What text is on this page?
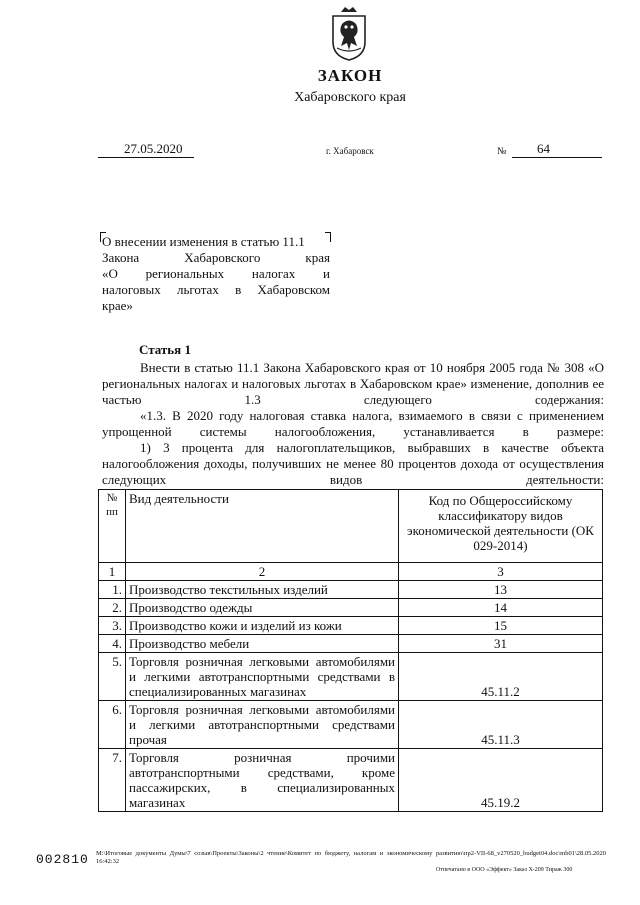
ЗАКОН
Хабаровского края
27.05.2020	г. Хабаровск	№ 64
О внесении изменения в статью 11.1
Закона Хабаровского края
«О региональных налогах и
налоговых льготах в Хабаровском
крае»
Статья 1
Внести в статью 11.1 Закона Хабаровского края от 10 ноября 2005 года № 308 «О региональных налогах и налоговых льготах в Хабаровском крае» изменение, дополнив ее частью 1.3 следующего содержания:
«1.3. В 2020 году налоговая ставка налога, взимаемого в связи с применением упрощенной системы налогообложения, устанавливается в размере:
1) 3 процента для налогоплательщиков, выбравших в качестве объекта налогообложения доходы, получивших не менее 80 процентов дохода от осуществления следующих видов деятельности:
№ пп	Вид деятельности	Код по Общероссийскому классификатору видов экономической деятельности (ОК 029-2014)
1	2	3
1.	Производство текстильных изделий	13
2.	Производство одежды	14
3.	Производство кожи и изделий из кожи	15
4.	Производство мебели	31
5.	Торговля розничная легковыми автомобилями и легкими автотранспортными средствами в специализированных магазинах	45.11.2
6.	Торговля розничная легковыми автомобилями и легкими автотранспортными средствами прочая	45.11.3
7.	Торговля розничная прочими автотранспортными средствами, кроме пассажирских, в специализированных магазинах	45.19.2
002810 M:\Итоговые документы Думы\7 созыв\Проекты\Законы\2 чтение\Комитет по бюджету, налогам и экономическому развитию\пр2-VII-68_v270520_budget04.doc\mb01\28.05.2020 16:42:32
Отпечатано в ООО «Эффект» Заказ Х-209 Тираж 300
